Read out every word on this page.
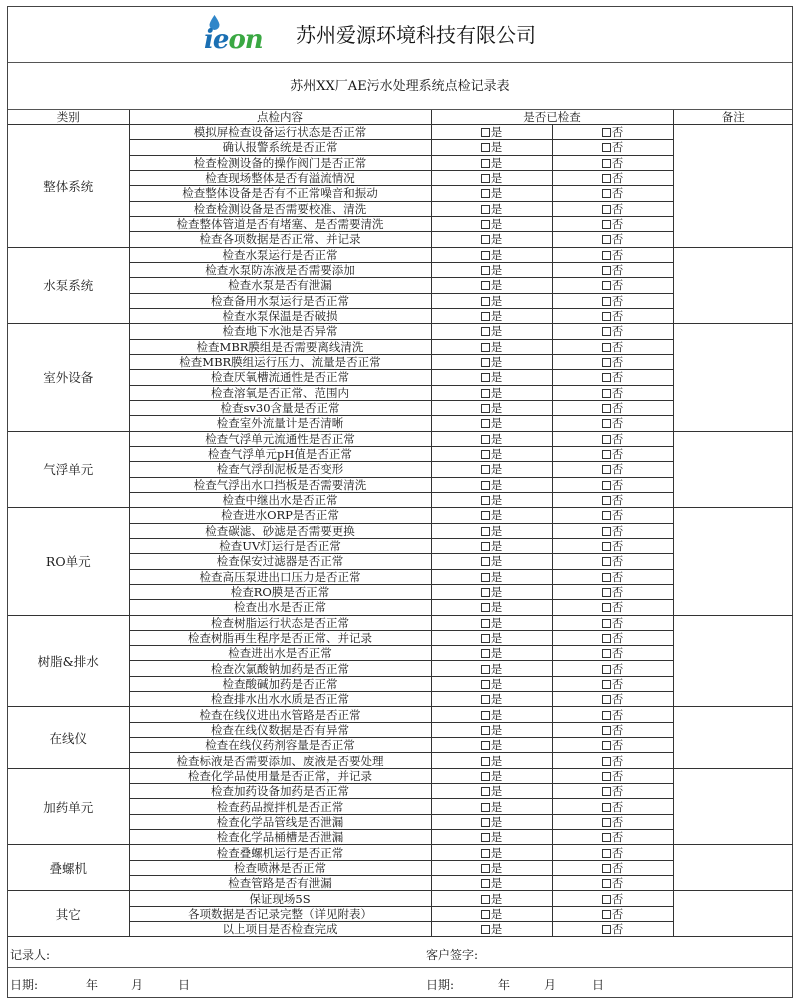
ieon 苏州爱源环境科技有限公司
苏州XX厂AE污水处理系统点检记录表
类别	点检内容	是否已检查		备注
整体系统	模拟屏检查设备运行状态是否正常	是	否	
	确认报警系统是否正常	是	否	
	检查检测设备的操作阀门是否正常	是	否	
	检查现场整体是否有溢流情况	是	否	
	检查整体设备是否有不正常噪音和振动	是	否	
	检查检测设备是否需要校准、清洗	是	否	
	检查整体管道是否有堵塞、是否需要清洗	是	否	
	检查各项数据是否正常、并记录	是	否	
水泵系统	检查水泵运行是否正常	是	否	
	检查水泵防冻液是否需要添加	是	否	
	检查水泵是否有泄漏	是	否	
	检查备用水泵运行是否正常	是	否	
	检查水泵保温是否破损	是	否	
室外设备	检查地下水池是否异常	是	否	
	检查MBR膜组是否需要离线清洗	是	否	
	检查MBR膜组运行压力、流量是否正常	是	否	
	检查厌氧槽流通性是否正常	是	否	
	检查溶氧是否正常、范围内	是	否	
	检查sv30含量是否正常	是	否	
	检查室外流量计是否清晰	是	否	
气浮单元	检查气浮单元流通性是否正常	是	否	
	检查气浮单元pH值是否正常	是	否	
	检查气浮刮泥板是否变形	是	否	
	检查气浮出水口挡板是否需要清洗	是	否	
	检查中继出水是否正常	是	否	
RO单元	检查进水ORP是否正常	是	否	
	检查碳滤、砂滤是否需要更换	是	否	
	检查UV灯运行是否正常	是	否	
	检查保安过滤器是否正常	是	否	
	检查高压泵进出口压力是否正常	是	否	
	检查RO膜是否正常	是	否	
	检查出水是否正常	是	否	
树脂&排水	检查树脂运行状态是否正常	是	否	
	检查树脂再生程序是否正常、并记录	是	否	
	检查进出水是否正常	是	否	
	检查次氯酸钠加药是否正常	是	否	
	检查酸碱加药是否正常	是	否	
	检查排水出水水质是否正常	是	否	
在线仪	检查在线仪进出水管路是否正常	是	否	
	检查在线仪数据是否有异常	是	否	
	检查在线仪药剂容量是否正常	是	否	
	检查标液是否需要添加、废液是否要处理	是	否	
加药单元	检查化学品使用量是否正常，并记录	是	否	
	检查加药设备加药是否正常	是	否	
	检查药品搅拌机是否正常	是	否	
	检查化学品管线是否泄漏	是	否	
	检查化学品桶槽是否泄漏	是	否	
叠螺机	检查叠螺机运行是否正常	是	否	
	检查喷淋是否正常	是	否	
	检查管路是否有泄漏	是	否	
其它	保证现场5S	是	否	
	各项数据是否记录完整（详见附表）	是	否	
	以上项目是否检查完成	是	否	
记录人:	客户签字:
日期:	年	月	日	日期:	年	月	日
